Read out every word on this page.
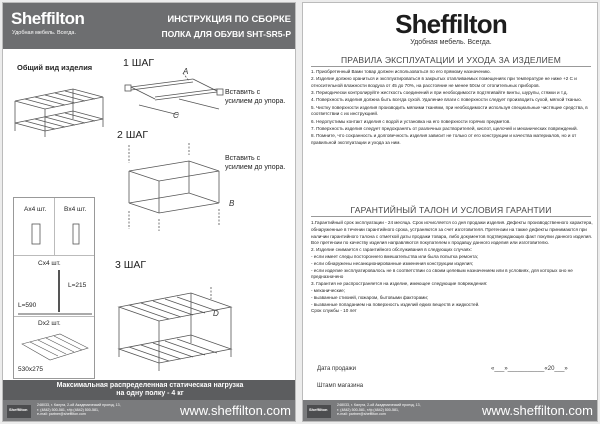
Sheffilton
Удобная мебель. Всегда.
ИНСТРУКЦИЯ ПО СБОРКЕ
ПОЛКА ДЛЯ ОБУВИ SHT-SR5-P
Общий вид изделия	1 ШАГ
A
C
Вставить с усилием до упора.
2 ШАГ
B
Вставить с усилием до упора.
Ax4 шт.	Bx4 шт.
Cx4 шт.
L=215
L=590
Dx2 шт.
530x275
3 ШАГ
D
Максимальная распределенная статическая нагрузка
на одну полку - 4 кг
Sheffilton
248033, г. Калуга, 2-ой Академический проезд, 13,
т. (4842) 500-581, т/ф (4842) 500-581,
e-mail: partner@sheffilton.com	www.sheffilton.com
Sheffilton
Удобная мебель. Всегда.
ПРАВИЛА ЭКСПЛУАТАЦИИ И УХОДА ЗА ИЗДЕЛИЕМ
1. Приобретенный Вами товар должен использоваться по его прямому назначению.
2. Изделие должно храниться и эксплуатироваться в закрытых отапливаемых помещениях при температуре не ниже +2 С и относительной влажности воздуха от 45 до 70%, на расстояние не менее 50см от отопительных приборов.
3. Периодически контролируйте жесткость соединений и при необходимости подтягивайте винты, шурупы, стяжки и т.д.
4. Поверхность изделия должна быть всегда сухой. Удаление влаги с поверхности следует производить сухой, мягкой тканью.
5. Чистку поверхности изделия производить мягкими тканями, при необходимости используя специальные чистящие средства, в соответствии с их инструкцией.
6. Недопустимы контакт изделия с водой и установка на его поверхности горячих предметов.
7. Поверхность изделия следует предохранять от различных растворителей, кислот, щелочей и механических повреждений.
8. Помните, что сохранность и долговечность изделия зависит не только от его конструкции и качества материалов, но и от правильной эксплуатации и ухода за ним.
ГАРАНТИЙНЫЙ ТАЛОН И УСЛОВИЯ ГАРАНТИИ
1.Гарантийный срок эксплуатации - 24 месяца. Срок исчисляется со дня продажи изделия. Дефекты производственного характера, обнаруженные в течении гарантийного срока, устраняются за счет изготовителя. Претензии на также дефекты принимаются при наличии гарантийного талона с отметкой даты продажи товара, либо документов подтверждающих факт покупки данного изделия. Все претензии по качеству изделия направляются покупателем к продавцу данного изделия или изготовителю.
2. Изделие снимается с гарантийного обслуживания в следующих случаях:
- если имеет следы постороннего вмешательства или была попытка ремонта;
- если обнаружены несанкционированные изменения конструкции изделия;
- если изделие эксплуатировалось не в соответствии со своим целевым назначением или в условиях, для которых оно не предназначено
3. Гарантия не распространяется на изделие, имеющее следующие повреждения:
- механические;
- вызванные стихией, пожаром, бытовыми факторами;
- вызванные попаданием на поверхность изделий едких веществ и жидкостей.
Срок службы - 10 лет
Дата продажи	«___»___________«20___»
Штамп магазина
Sheffilton
248033, г. Калуга, 2-ой Академический проезд, 13,
т. (4842) 500-581, т/ф (4842) 500-581,
e-mail: partner@sheffilton.com	www.sheffilton.com
